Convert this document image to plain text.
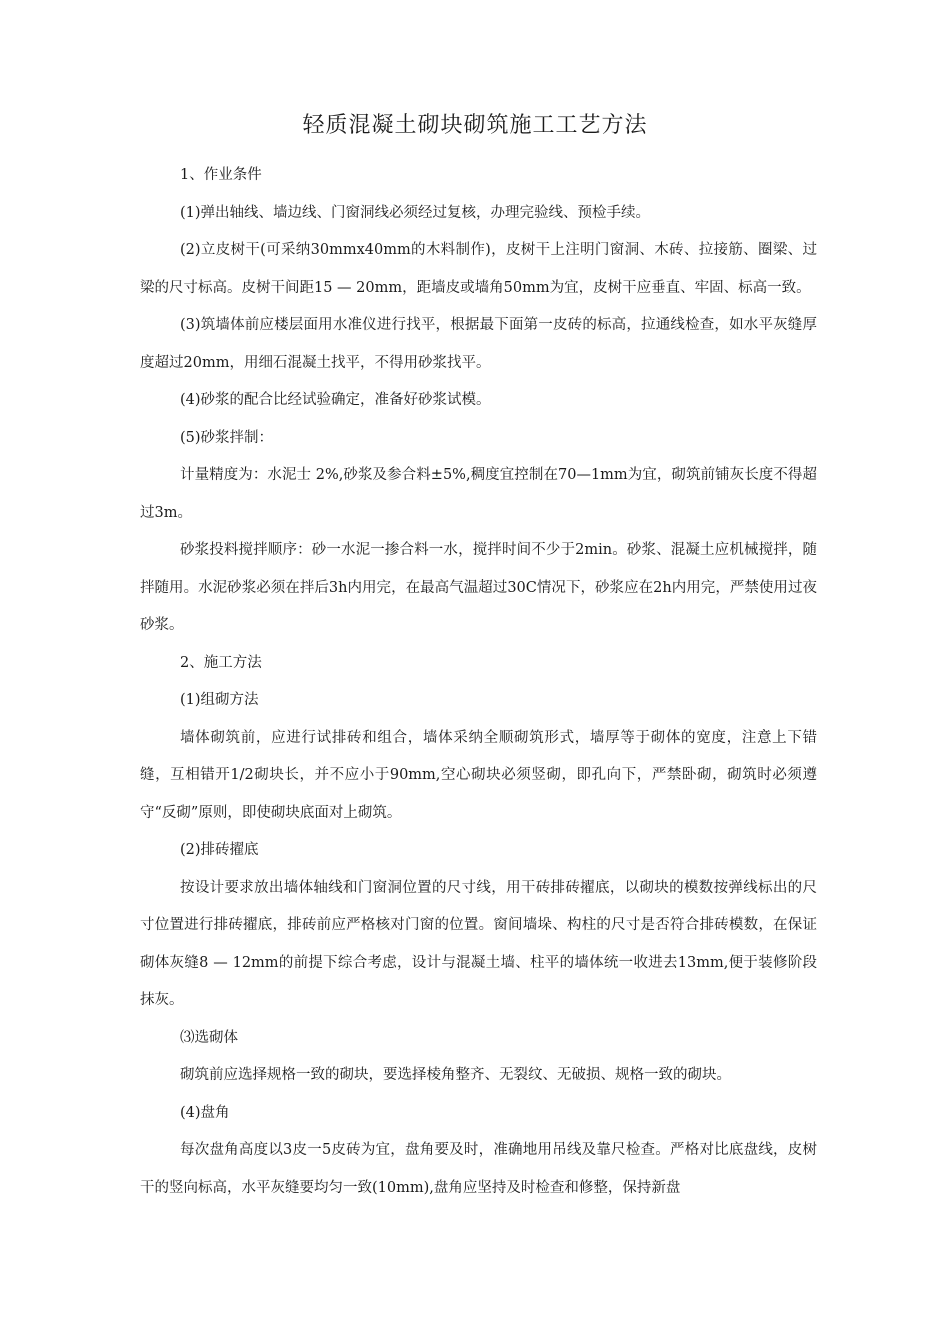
轻质混凝土砌块砌筑施工工艺方法

1、作业条件

(1)弹出轴线、墙边线、门窗洞线必须经过复核，办理完验线、预检手续。

(2)立皮树干(可采纳30mmx40mm的木料制作)，皮树干上注明门窗洞、木砖、拉接筋、圈梁、过梁的尺寸标高。皮树干间距15 — 20mm，距墙皮或墙角50mm为宜，皮树干应垂直、牢固、标高一致。

(3)筑墙体前应楼层面用水准仪进行找平，根据最下面第一皮砖的标高，拉通线检查，如水平灰缝厚度超过20mm，用细石混凝土找平，不得用砂浆找平。

(4)砂浆的配合比经试验确定，准备好砂浆试模。

(5)砂浆拌制：

计量精度为：水泥士 2%,砂浆及参合料±5%,稠度宜控制在70—1mm为宜，砌筑前铺灰长度不得超过3m。

砂浆投料搅拌顺序：砂一水泥一掺合料一水，搅拌时间不少于2min。砂浆、混凝土应机械搅拌，随拌随用。水泥砂浆必须在拌后3h内用完，在最高气温超过30C情况下，砂浆应在2h内用完，严禁使用过夜砂浆。

2、施工方法

(1)组砌方法

墙体砌筑前，应进行试排砖和组合，墙体采纳全顺砌筑形式，墙厚等于砌体的宽度，注意上下错缝，互相错开1/2砌块长，并不应小于90mm,空心砌块必须竖砌，即孔向下，严禁卧砌，砌筑时必须遵守“反砌”原则，即使砌块底面对上砌筑。

(2)排砖擢底

按设计要求放出墙体轴线和门窗洞位置的尺寸线，用干砖排砖擢底，以砌块的模数按弹线标出的尺寸位置进行排砖擢底，排砖前应严格核对门窗的位置。窗间墙垛、构柱的尺寸是否符合排砖模数，在保证砌体灰缝8 — 12mm的前提下综合考虑，设计与混凝土墙、柱平的墙体统一收进去13mm,便于装修阶段抹灰。

⑶选砌体

砌筑前应选择规格一致的砌块，要选择棱角整齐、无裂纹、无破损、规格一致的砌块。

(4)盘角

每次盘角高度以3皮一5皮砖为宜，盘角要及时，准确地用吊线及靠尺检查。严格对比底盘线，皮树干的竖向标高，水平灰缝要均匀一致(10mm),盘角应坚持及时检查和修整，保持新盘
